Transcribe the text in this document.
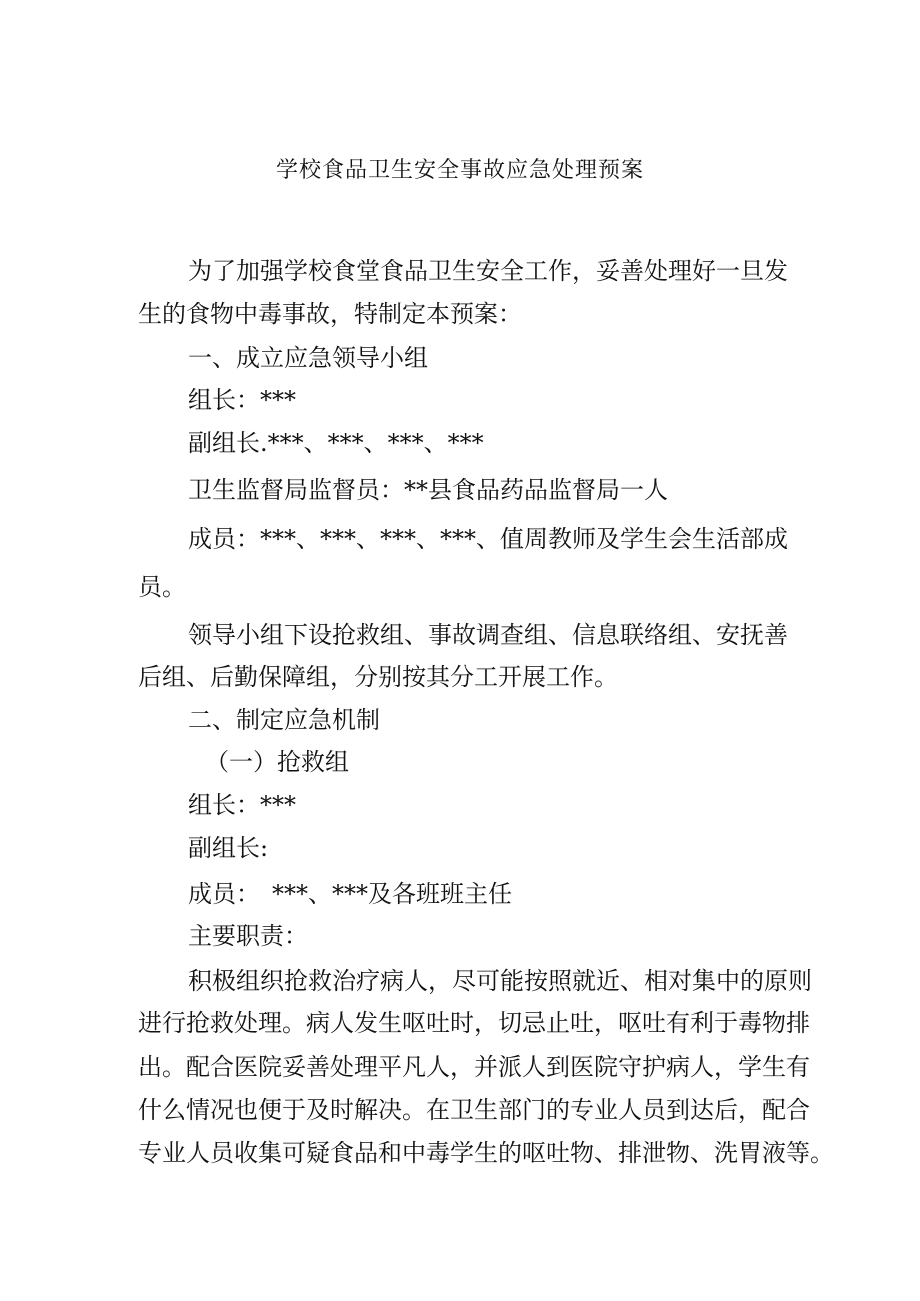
学校食品卫生安全事故应急处理预案
为了加强学校食堂食品卫生安全工作，妥善处理好一旦发
生的食物中毒事故，特制定本预案：
一、成立应急领导小组
组长：***
副组长.***、***、***、***
卫生监督局监督员：**县食品药品监督局一人
成员：***、***、***、***、值周教师及学生会生活部成
员。
领导小组下设抢救组、事故调查组、信息联络组、安抚善
后组、后勤保障组，分别按其分工开展工作。
二、制定应急机制
（一）抢救组
组长：***
副组长:
成员：　***、***及各班班主任
主要职责：
积极组织抢救治疗病人，尽可能按照就近、相对集中的原则
进行抢救处理。病人发生呕吐时，切忌止吐，呕吐有利于毒物排
出。配合医院妥善处理平凡人，并派人到医院守护病人，学生有
什么情况也便于及时解决。在卫生部门的专业人员到达后，配合
专业人员收集可疑食品和中毒学生的呕吐物、排泄物、洗胃液等。
